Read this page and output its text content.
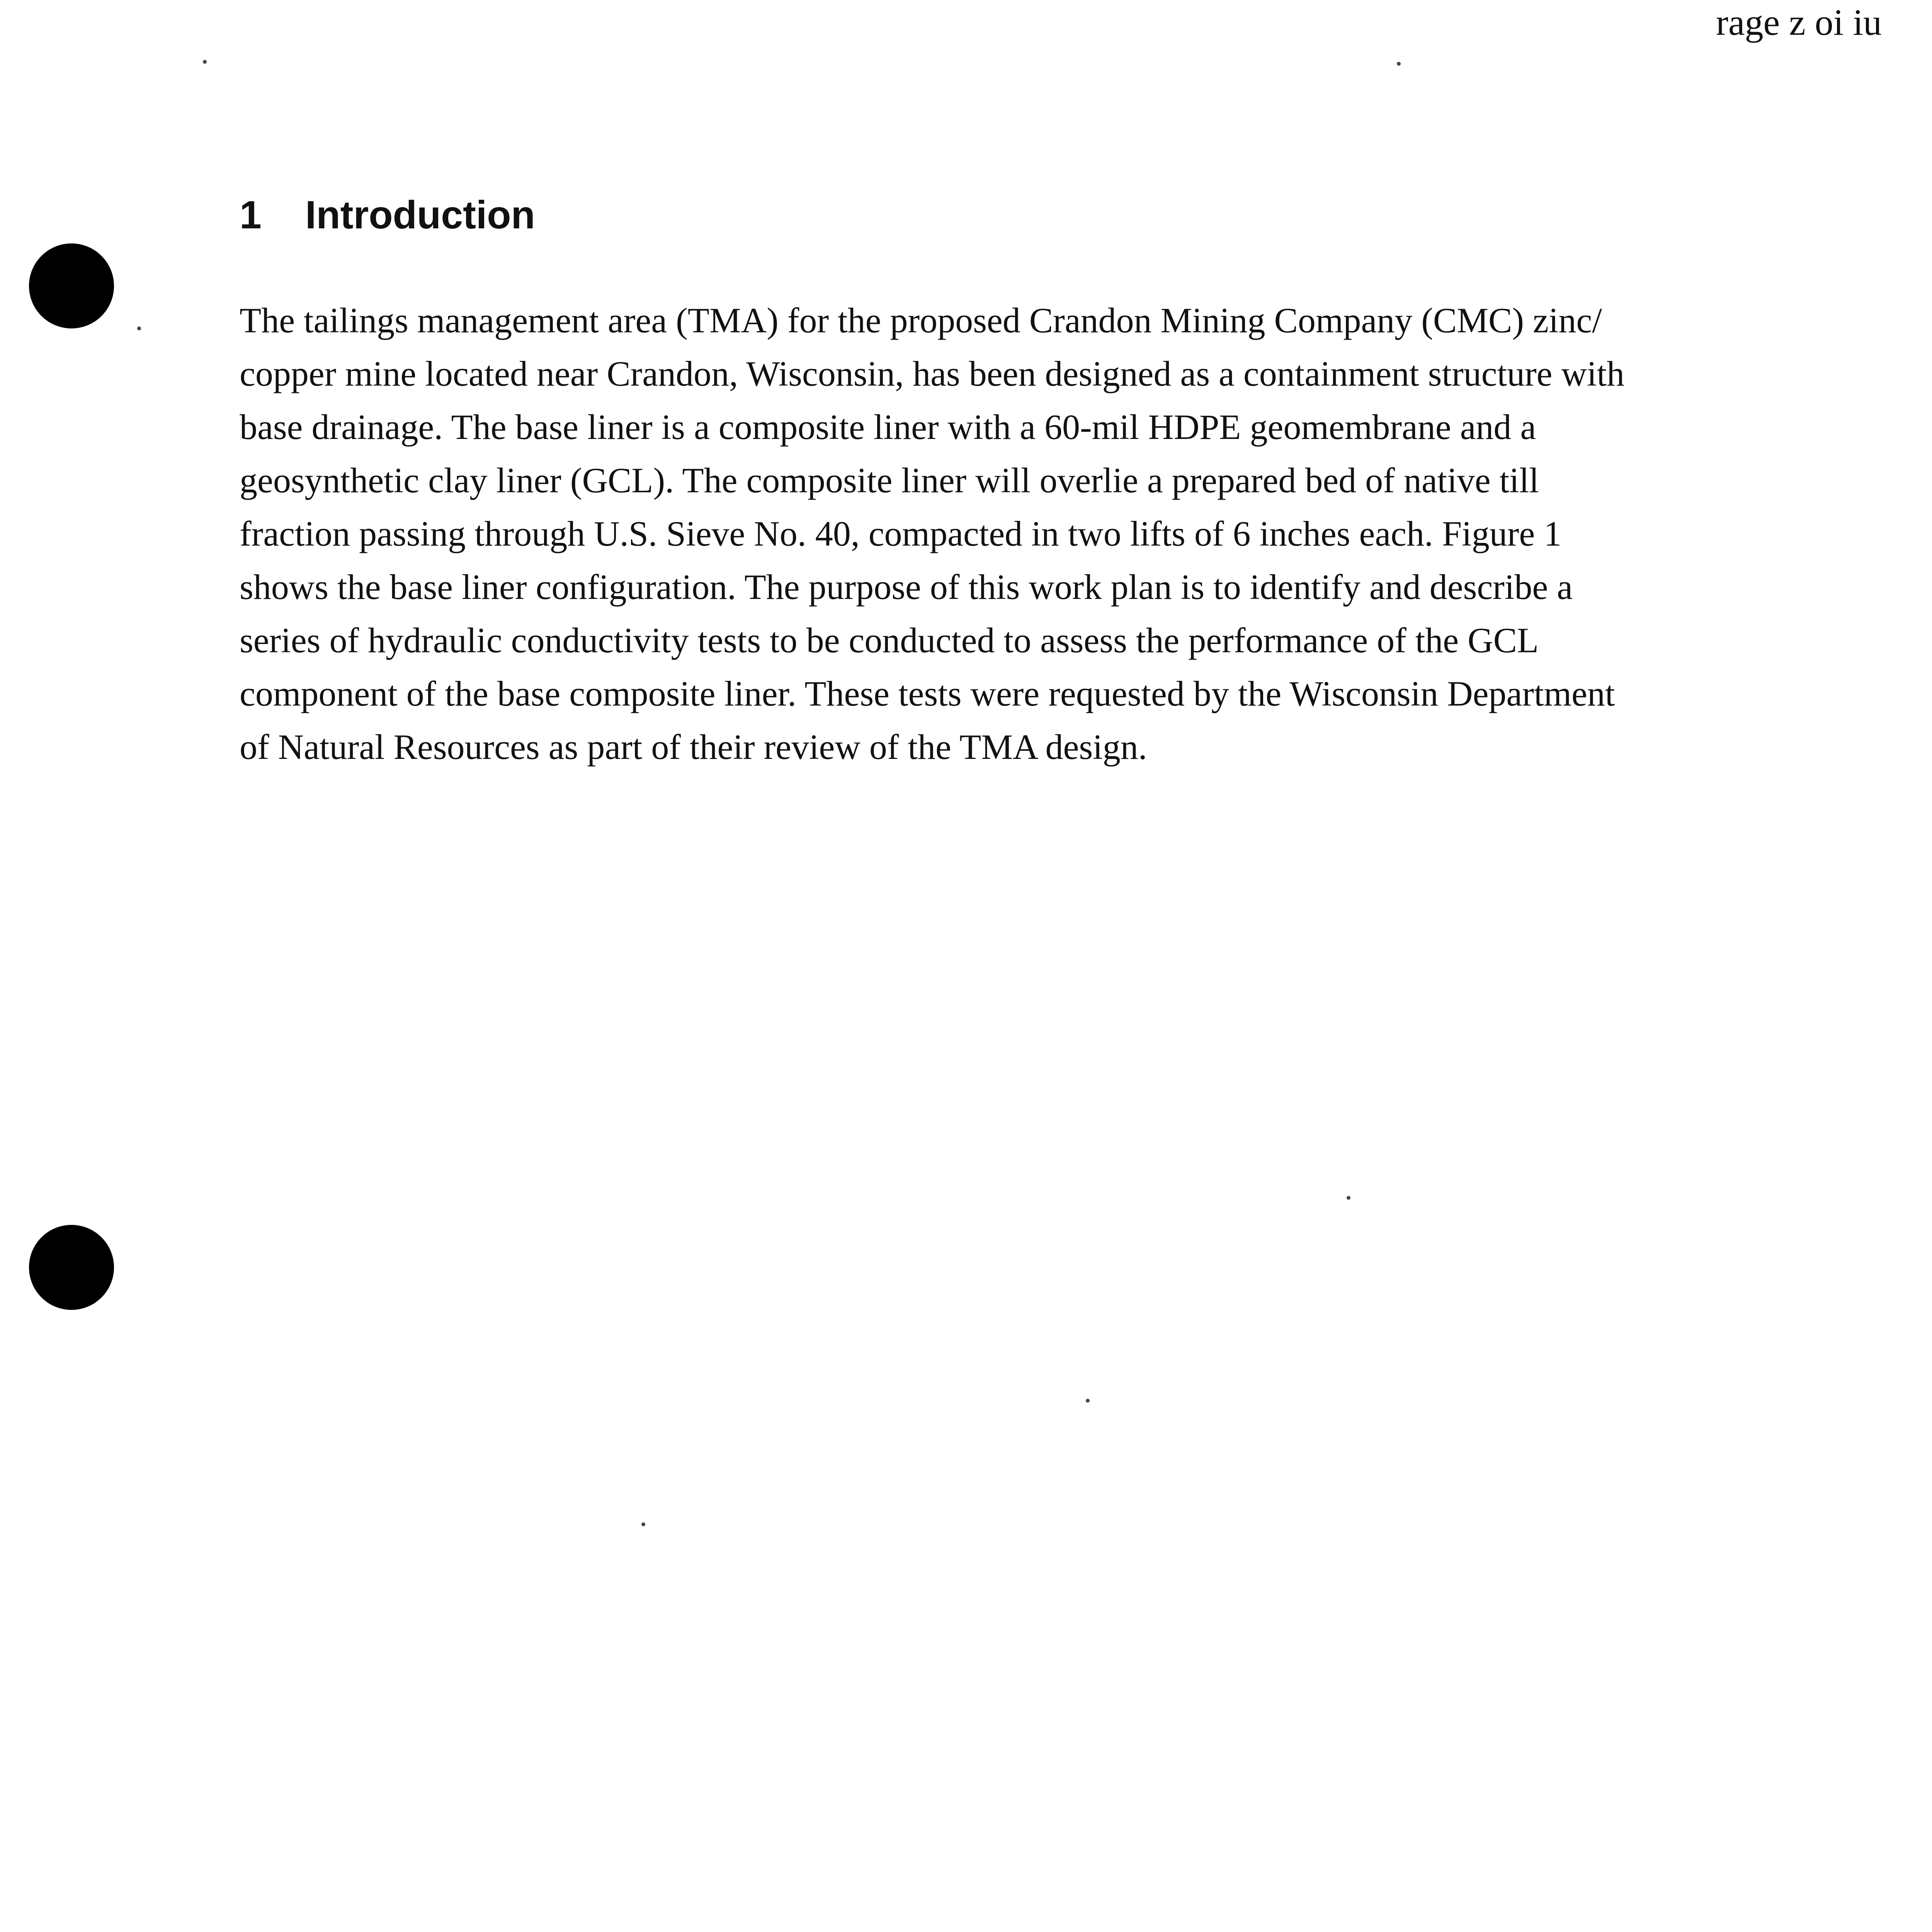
rage z oi iu
1 Introduction

The tailings management area (TMA) for the proposed Crandon Mining Company (CMC) zinc/
copper mine located near Crandon, Wisconsin, has been designed as a containment structure with
base drainage. The base liner is a composite liner with a 60-mil HDPE geomembrane and a
geosynthetic clay liner (GCL). The composite liner will overlie a prepared bed of native till
fraction passing through U.S. Sieve No. 40, compacted in two lifts of 6 inches each. Figure 1
shows the base liner configuration. The purpose of this work plan is to identify and describe a
series of hydraulic conductivity tests to be conducted to assess the performance of the GCL
component of the base composite liner. These tests were requested by the Wisconsin Department
of Natural Resources as part of their review of the TMA design.
